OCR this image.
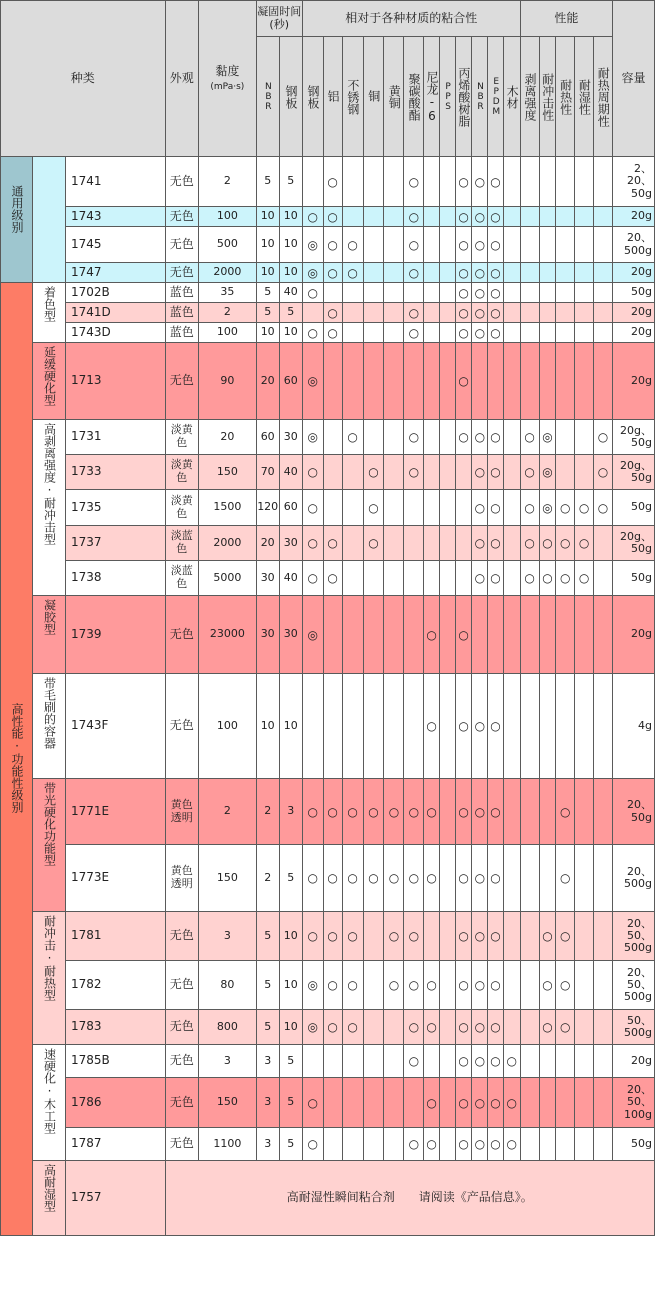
种类			外观	黏度
(mPa·s)	凝固时间(秒)		相对于各种材质的粘合性												性能					容量
					NBR	钢板	钢板	铝	不锈钢	铜	黄铜	聚碳酸酯	尼龙-6	PPS	丙烯酸树脂	NBR	EPDM	木材	剥离强度	耐冲击性	耐热性	耐湿性	耐热周期性	
通用级别		1741	无色	2	5	5		○				○			○	○	○							2、20、50g
		1743	无色	100	10	10	○	○				○			○	○	○							20g
		1745	无色	500	10	10	◎	○	○			○			○	○	○							20、500g
		1747	无色	2000	10	10	◎	○	○			○			○	○	○							20g
高性能·功能性级别	着色型	1702B	蓝色	35	5	40	○								○	○	○							50g
		1741D	蓝色	2	5	5		○				○			○	○	○							20g
		1743D	蓝色	100	10	10	○	○				○			○	○	○							20g
	延缓硬化型	1713	无色	90	20	60	◎								○									20g
	高剥离强度·耐冲击型	1731	淡黄色	20	60	30	◎		○			○			○	○	○		○	◎			○	20g、50g
		1733	淡黄色	150	70	40	○			○		○				○	○		○	◎			○	20g、50g
		1735	淡黄色	1500	120	60	○			○						○	○		○	◎	○	○	○	50g
		1737	淡蓝色	2000	20	30	○	○		○						○	○		○	○	○	○		20g、50g
		1738	淡蓝色	5000	30	40	○	○								○	○		○	○	○	○		50g
	凝胶型	1739	无色	23000	30	30	◎						○		○									20g
	带毛刷的容器	1743F	无色	100	10	10							○		○	○	○							4g
	带光硬化功能型	1771E	黄色透明	2	2	3	○	○	○	○	○	○	○		○	○	○				○			20、50g
		1773E	黄色透明	150	2	5	○	○	○	○	○	○	○		○	○	○				○			20、500g
	耐冲击·耐热型	1781	无色	3	5	10	○	○	○		○	○			○	○	○			○	○			20、50、500g
		1782	无色	80	5	10	◎	○	○		○	○	○		○	○	○			○	○			20、50、500g
		1783	无色	800	5	10	◎	○	○			○	○		○	○	○			○	○			50、500g
	速硬化·木工型	1785B	无色	3	3	5						○			○	○	○	○						20g
		1786	无色	150	3	5	○						○		○	○	○	○						20、50、100g
		1787	无色	1100	3	5	○					○	○		○	○	○	○						50g
	高耐湿型	1757	高耐湿性瞬间粘合剂　　请阅读《产品信息》。																					
